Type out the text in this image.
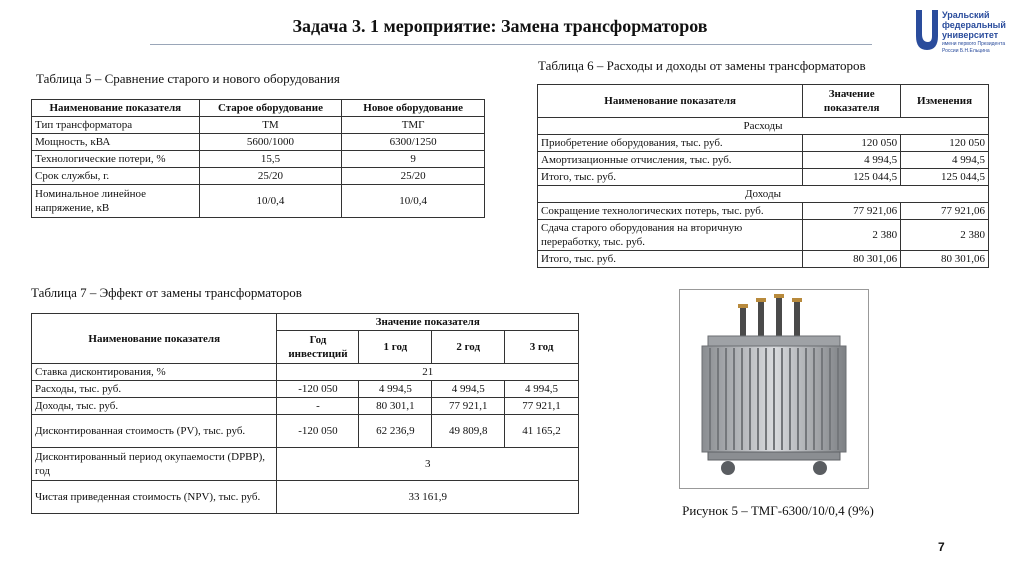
Задача 3. 1 мероприятие: Замена трансформаторов
Уральский
федеральный
университет
имени первого Президента
России Б.Н.Ельцина
Таблица 5 – Сравнение старого и нового оборудования
Наименование показателя	Старое оборудование	Новое оборудование
Тип трансформатора	ТМ	ТМГ
Мощность, кВА	5600/1000	6300/1250
Технологические потери, %	15,5	9
Срок службы, г.	25/20	25/20
Номинальное линейное напряжение, кВ	10/0,4	10/0,4
Таблица 6 – Расходы и доходы от замены трансформаторов
Наименование показателя	Значение показателя	Изменения
Расходы		
Приобретение оборудования, тыс. руб.	120 050	120 050
Амортизационные отчисления, тыс. руб.	4 994,5	4 994,5
Итого, тыс. руб.	125 044,5	125 044,5
Доходы		
Сокращение технологических потерь, тыс. руб.	77 921,06	77 921,06
Сдача старого оборудования на вторичную переработку, тыс. руб.	2 380	2 380
Итого, тыс. руб.	80 301,06	80 301,06
Таблица 7 – Эффект от замены трансформаторов
Наименование показателя	Значение показателя			
	Год инвестиций	1 год	2 год	3 год
Ставка дисконтирования, %	21			
Расходы, тыс. руб.	-120 050	4 994,5	4 994,5	4 994,5
Доходы, тыс. руб.	-	80 301,1	77 921,1	77 921,1
Дисконтированная стоимость (PV), тыс. руб.	-120 050	62 236,9	49 809,8	41 165,2
Дисконтированный период окупаемости (DPBP), год	3			
Чистая приведенная стоимость (NPV), тыс. руб.	33 161,9			
Рисунок 5 – ТМГ-6300/10/0,4 (9%)
7
